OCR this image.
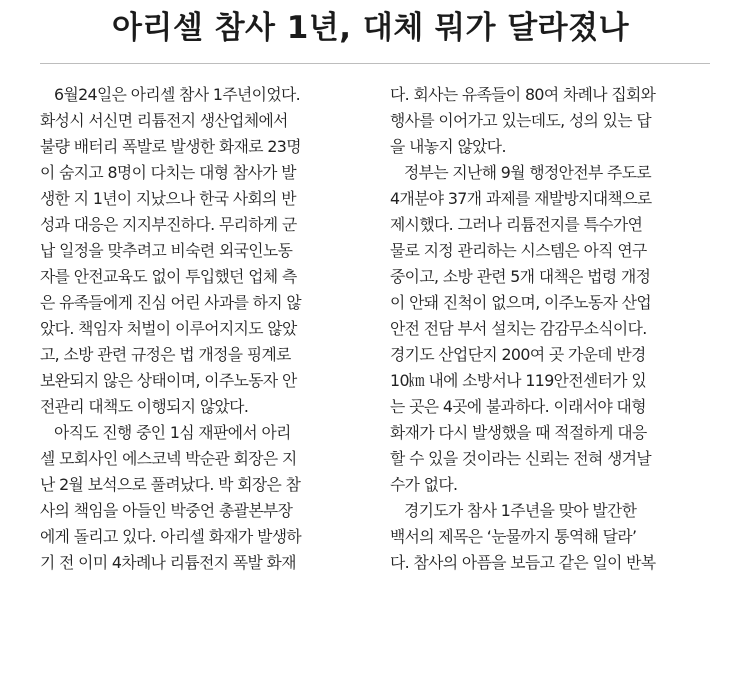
아리셀 참사 1년, 대체 뭐가 달라졌나
6월24일은 아리셀 참사 1주년이었다.
화성시 서신면 리튬전지 생산업체에서
불량 배터리 폭발로 발생한 화재로 23명
이 숨지고 8명이 다치는 대형 참사가 발
생한 지 1년이 지났으나 한국 사회의 반
성과 대응은 지지부진하다. 무리하게 군
납 일정을 맞추려고 비숙련 외국인노동
자를 안전교육도 없이 투입했던 업체 측
은 유족들에게 진심 어린 사과를 하지 않
았다. 책임자 처벌이 이루어지지도 않았
고, 소방 관련 규정은 법 개정을 핑계로
보완되지 않은 상태이며, 이주노동자 안
전관리 대책도 이행되지 않았다.
아직도 진행 중인 1심 재판에서 아리
셀 모회사인 에스코넥 박순관 회장은 지
난 2월 보석으로 풀려났다. 박 회장은 참
사의 책임을 아들인 박중언 총괄본부장
에게 돌리고 있다. 아리셀 화재가 발생하
기 전 이미 4차례나 리튬전지 폭발 화재
다. 회사는 유족들이 80여 차례나 집회와
행사를 이어가고 있는데도, 성의 있는 답
을 내놓지 않았다.
정부는 지난해 9월 행정안전부 주도로
4개분야 37개 과제를 재발방지대책으로
제시했다. 그러나 리튬전지를 특수가연
물로 지정 관리하는 시스템은 아직 연구
중이고, 소방 관련 5개 대책은 법령 개정
이 안돼 진척이 없으며, 이주노동자 산업
안전 전담 부서 설치는 감감무소식이다.
경기도 산업단지 200여 곳 가운데 반경
10㎞ 내에 소방서나 119안전센터가 있
는 곳은 4곳에 불과하다. 이래서야 대형
화재가 다시 발생했을 때 적절하게 대응
할 수 있을 것이라는 신뢰는 전혀 생겨날
수가 없다.
경기도가 참사 1주년을 맞아 발간한
백서의 제목은 ‘눈물까지 통역해 달라’
다. 참사의 아픔을 보듬고 같은 일이 반복
